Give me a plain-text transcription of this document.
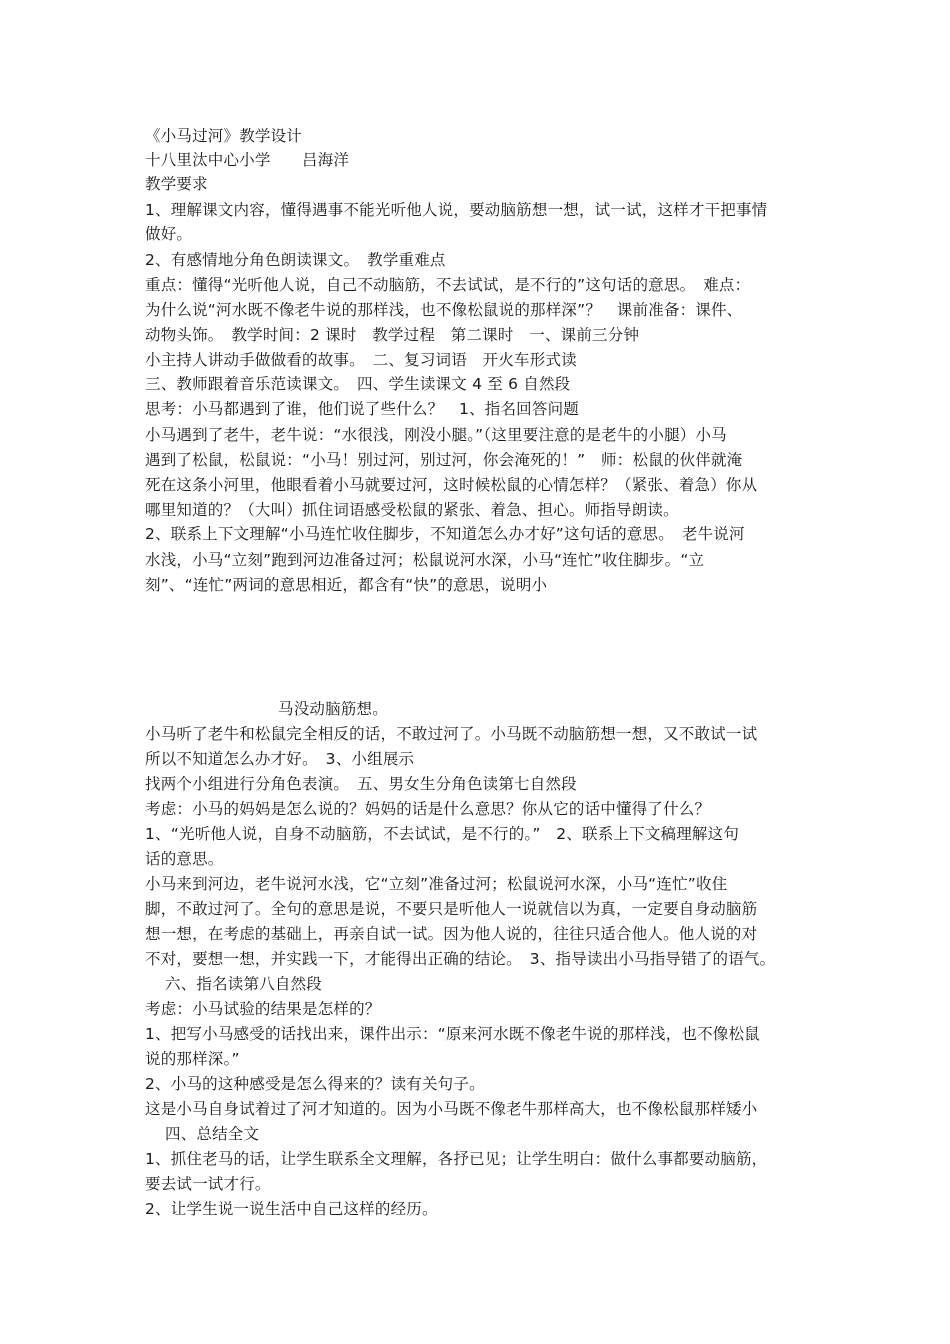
《小马过河》教学设计
十八里汰中心小学　　吕海洋
教学要求
1、理解课文内容，懂得遇事不能光听他人说，要动脑筋想一想，试一试，这样才干把事情
做好。
2、有感情地分角色朗读课文。　教学重难点
重点：懂得“光听他人说，自己不动脑筋，不去试试，是不行的”这句话的意思。　难点：
为什么说“河水既不像老牛说的那样浅，也不像松鼠说的那样深”？　课前准备：课件、
动物头饰。　教学时间：2 课时　教学过程　第二课时　一、课前三分钟
小主持人讲动手做做看的故事。　二、复习词语　开火车形式读
三、教师跟着音乐范读课文。　四、学生读课文 4 至 6 自然段
思考：小马都遇到了谁，他们说了些什么？　1、指名回答问题
小马遇到了老牛，老牛说：“水很浅，刚没小腿。”（这里要注意的是老牛的小腿）小马
遇到了松鼠，松鼠说：“小马！别过河，别过河，你会淹死的！”　师：松鼠的伙伴就淹
死在这条小河里，他眼看着小马就要过河，这时候松鼠的心情怎样？（紧张、着急）你从
哪里知道的？（大叫）抓住词语感受松鼠的紧张、着急、担心。师指导朗读。
2、联系上下文理解“小马连忙收住脚步，不知道怎么办才好”这句话的意思。　老牛说河
水浅，小马“立刻”跑到河边准备过河；松鼠说河水深，小马“连忙”收住脚步。“立
刻”、“连忙”两词的意思相近，都含有“快”的意思，说明小
马没动脑筋想。
小马听了老牛和松鼠完全相反的话，不敢过河了。小马既不动脑筋想一想，又不敢试一试
所以不知道怎么办才好。　3、小组展示
找两个小组进行分角色表演。　五、男女生分角色读第七自然段
考虑：小马的妈妈是怎么说的？妈妈的话是什么意思？你从它的话中懂得了什么？
1、“光听他人说，自身不动脑筋，不去试试，是不行的。”　2、联系上下文稿理解这句
话的意思。
小马来到河边，老牛说河水浅，它“立刻”准备过河；松鼠说河水深，小马“连忙”收住
脚，不敢过河了。全句的意思是说，不要只是听他人一说就信以为真，一定要自身动脑筋
想一想，在考虑的基础上，再亲自试一试。因为他人说的，往往只适合他人。他人说的对
不对，要想一想，并实践一下，才能得出正确的结论。　3、指导读出小马指导错了的语气。
六、指名读第八自然段
考虑：小马试验的结果是怎样的？
1、把写小马感受的话找出来，课件出示：“原来河水既不像老牛说的那样浅，也不像松鼠
说的那样深。”
2、小马的这种感受是怎么得来的？读有关句子。
这是小马自身试着过了河才知道的。因为小马既不像老牛那样高大，也不像松鼠那样矮小
四、总结全文
1、抓住老马的话，让学生联系全文理解，各抒已见；让学生明白：做什么事都要动脑筋，
要去试一试才行。
2、让学生说一说生活中自己这样的经历。
